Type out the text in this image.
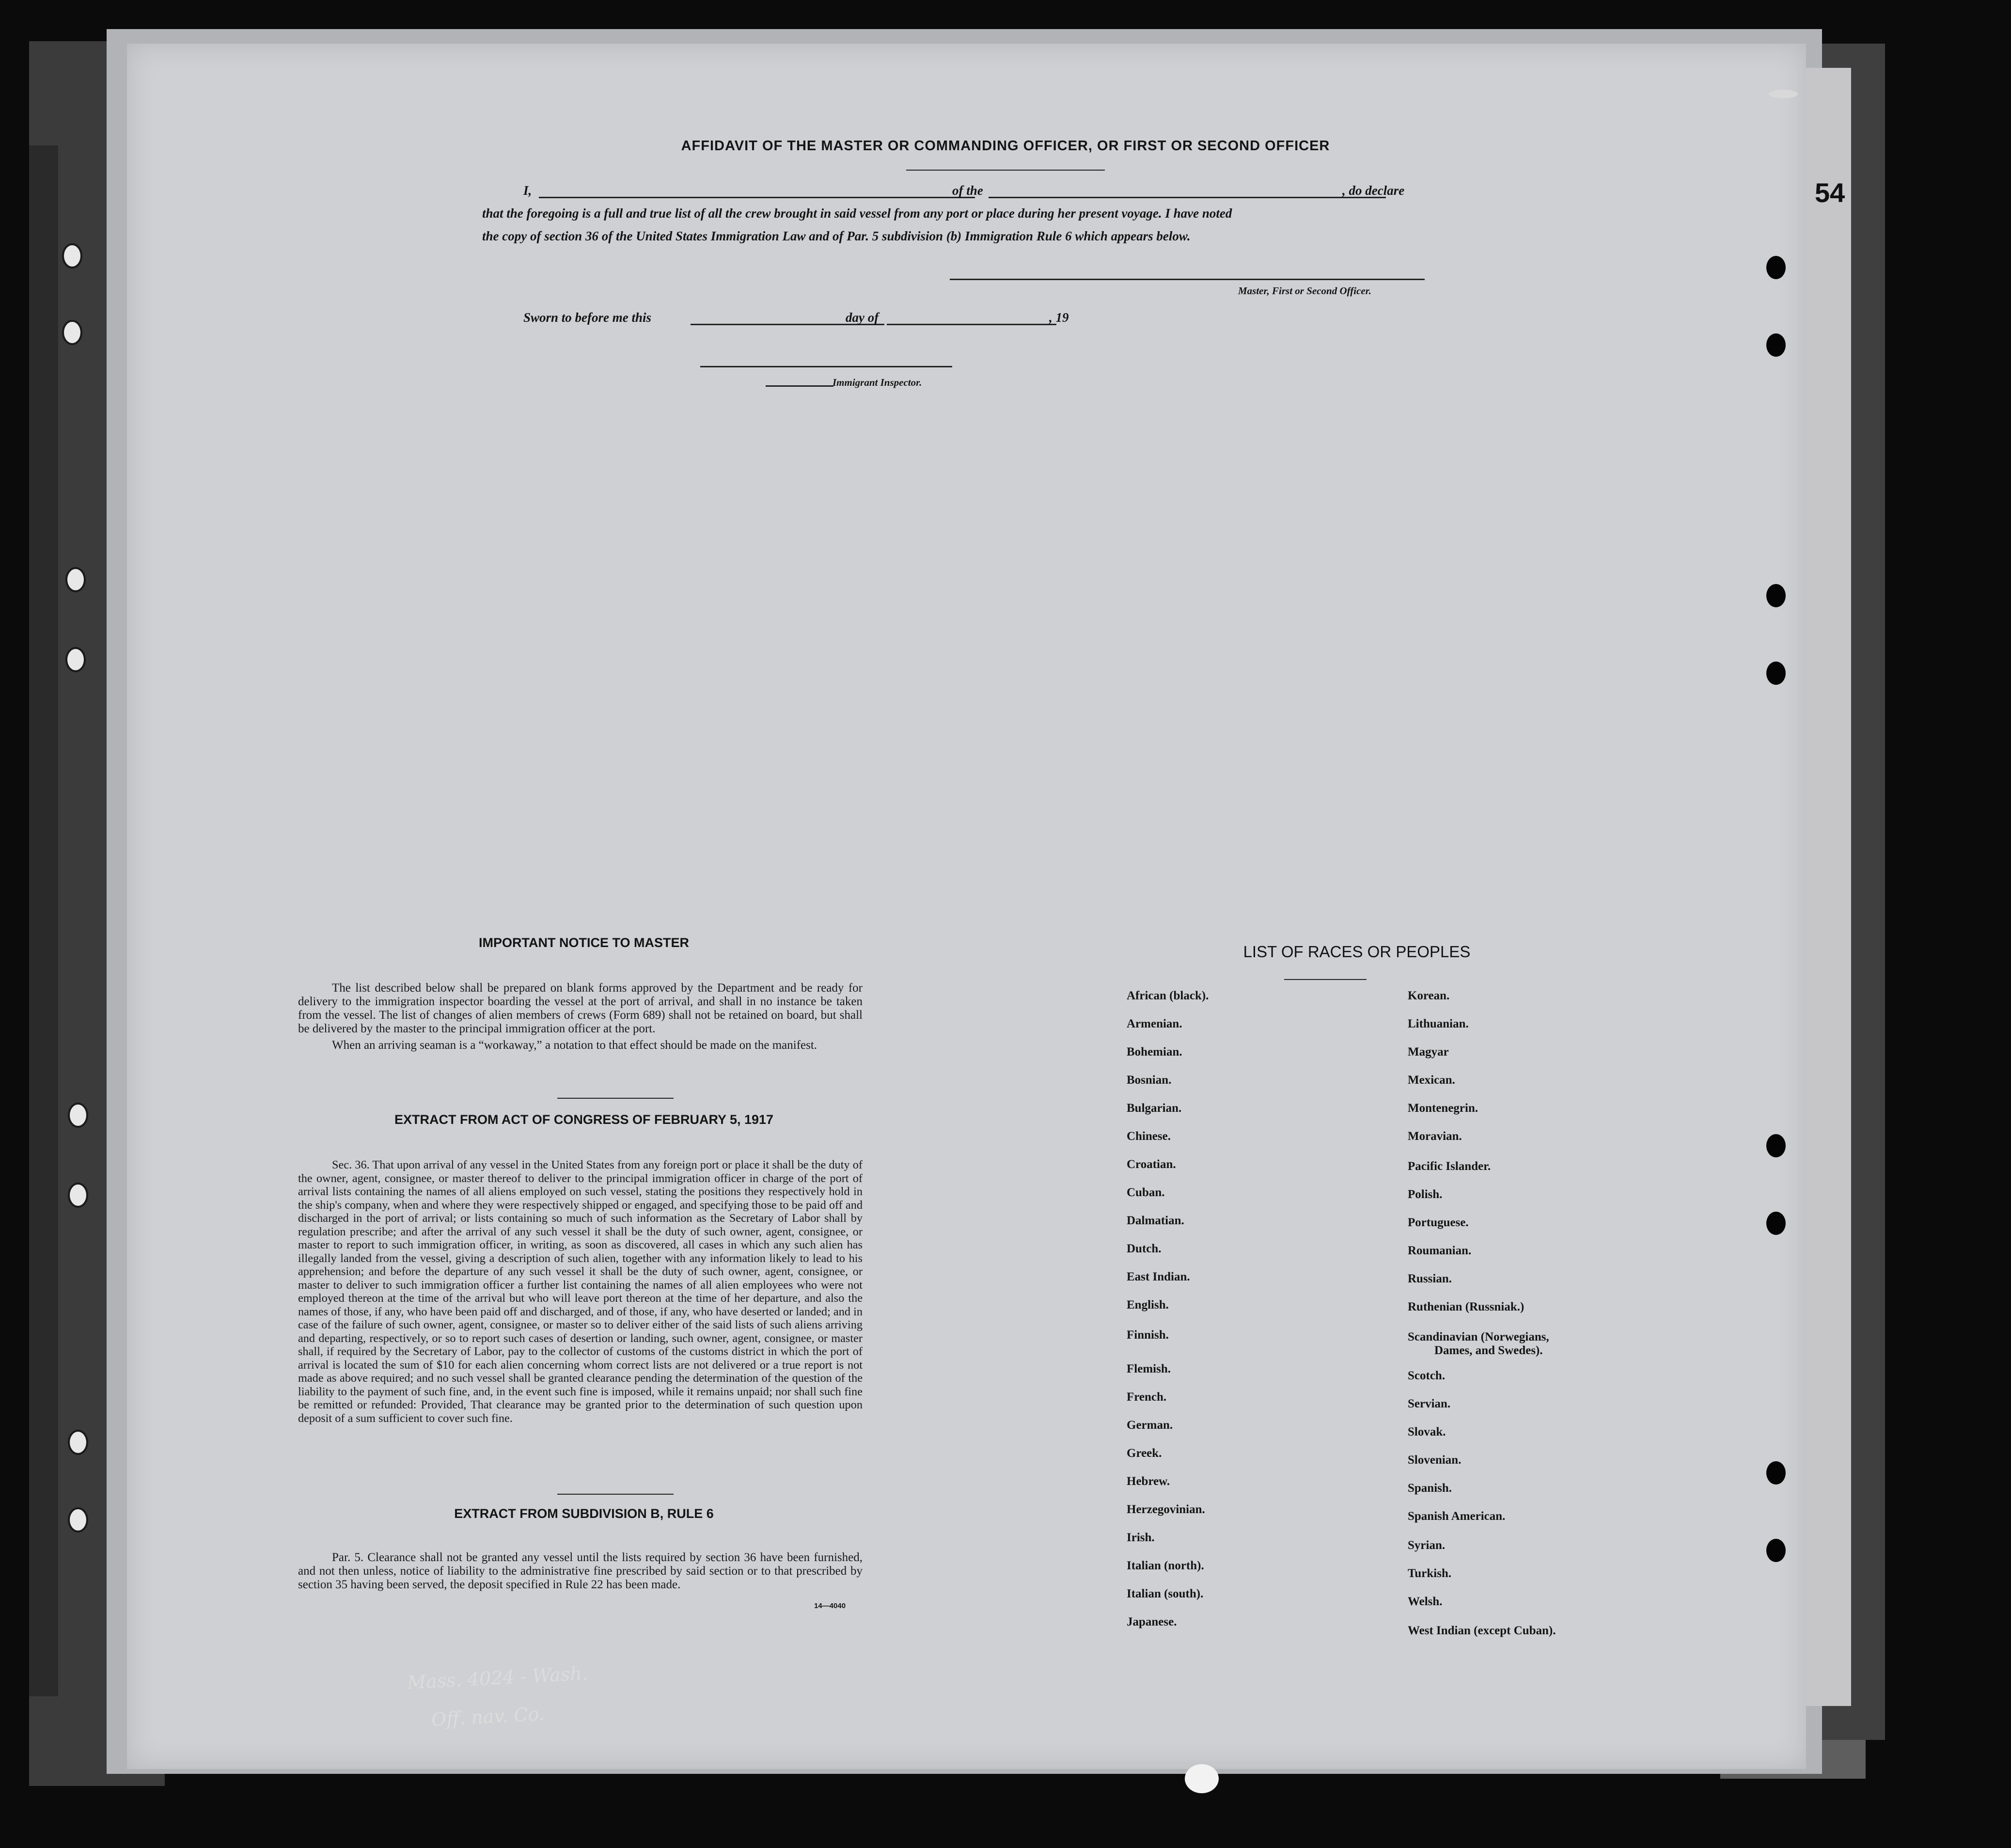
54
AFFIDAVIT OF THE MASTER OR COMMANDING OFFICER, OR FIRST OR SECOND OFFICER
I,	of the	, do declare
that the foregoing is a full and true list of all the crew brought in said vessel from any port or place during her present voyage. I have noted
the copy of section 36 of the United States Immigration Law and of Par. 5 subdivision (b) Immigration Rule 6 which appears below.
Master, First or Second Officer.
Sworn to before me this	day of	, 19
Immigrant Inspector.
IMPORTANT NOTICE TO MASTER

The list described below shall be prepared on blank forms approved by the Department and be ready for delivery to the immigration inspector boarding the vessel at the port of arrival, and shall in no instance be taken from the vessel. The list of changes of alien members of crews (Form 689) shall not be retained on board, but shall be delivered by the master to the principal immigration officer at the port.

When an arriving seaman is a “workaway,” a notation to that effect should be made on the manifest.

EXTRACT FROM ACT OF CONGRESS OF FEBRUARY 5, 1917

Sec. 36. That upon arrival of any vessel in the United States from any foreign port or place it shall be the duty of the owner, agent, consignee, or master thereof to deliver to the principal immigration officer in charge of the port of arrival lists containing the names of all aliens employed on such vessel, stating the positions they respectively hold in the ship's company, when and where they were respectively shipped or engaged, and specifying those to be paid off and discharged in the port of arrival; or lists containing so much of such information as the Secretary of Labor shall by regulation prescribe; and after the arrival of any such vessel it shall be the duty of such owner, agent, consignee, or master to report to such immigration officer, in writing, as soon as discovered, all cases in which any such alien has illegally landed from the vessel, giving a description of such alien, together with any information likely to lead to his apprehension; and before the departure of any such vessel it shall be the duty of such owner, agent, consignee, or master to deliver to such immigration officer a further list containing the names of all alien employees who were not employed thereon at the time of the arrival but who will leave port thereon at the time of her departure, and also the names of those, if any, who have been paid off and discharged, and of those, if any, who have deserted or landed; and in case of the failure of such owner, agent, consignee, or master so to deliver either of the said lists of such aliens arriving and departing, respectively, or so to report such cases of desertion or landing, such owner, agent, consignee, or master shall, if required by the Secretary of Labor, pay to the collector of customs of the customs district in which the port of arrival is located the sum of $10 for each alien concerning whom correct lists are not delivered or a true report is not made as above required; and no such vessel shall be granted clearance pending the determination of the question of the liability to the payment of such fine, and, in the event such fine is imposed, while it remains unpaid; nor shall such fine be remitted or refunded: Provided, That clearance may be granted prior to the determination of such question upon deposit of a sum sufficient to cover such fine.

EXTRACT FROM SUBDIVISION B, RULE 6

Par. 5. Clearance shall not be granted any vessel until the lists required by section 36 have been furnished, and not then unless, notice of liability to the administrative fine prescribed by said section or to that prescribed by section 35 having been served, the deposit specified in Rule 22 has been made.

14—4040
LIST OF RACES OR PEOPLES
African (black).
Armenian.
Bohemian.
Bosnian.
Bulgarian.
Chinese.
Croatian.
Cuban.
Dalmatian.
Dutch.
East Indian.
English.
Finnish.
Flemish.
French.
German.
Greek.
Hebrew.
Herzegovinian.
Irish.
Italian (north).
Italian (south).
Japanese.
Korean.
Lithuanian.
Magyar
Mexican.
Montenegrin.
Moravian.
Pacific Islander.
Polish.
Portuguese.
Roumanian.
Russian.
Ruthenian (Russniak.)
Scandinavian (Norwegians,
Dames, and Swedes).
Scotch.
Servian.
Slovak.
Slovenian.
Spanish.
Spanish American.
Syrian.
Turkish.
Welsh.
West Indian (except Cuban).
Mass. 4024 - Wash.
Off. nav. Co.
